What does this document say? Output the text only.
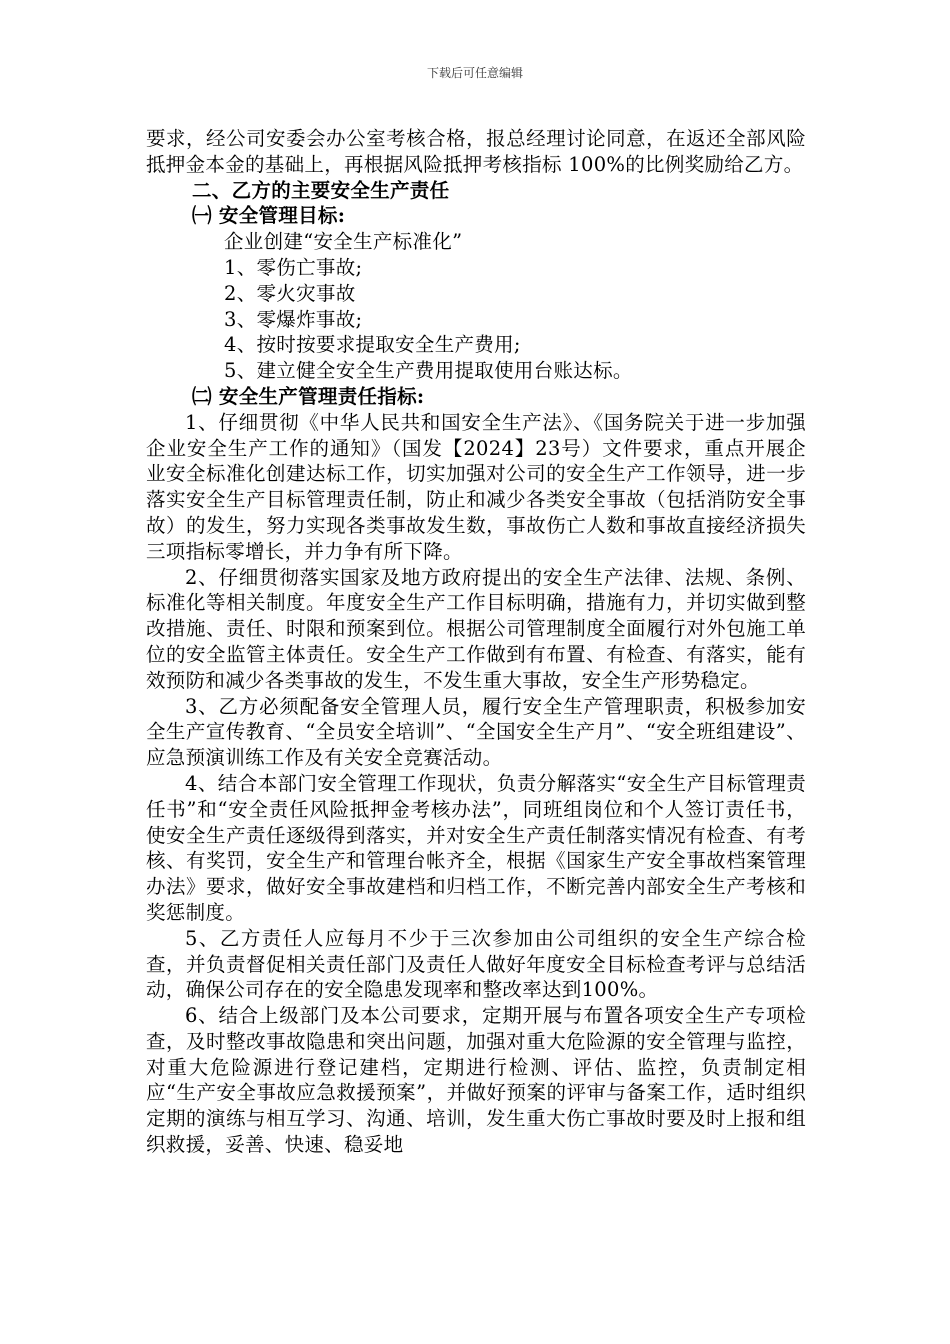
下载后可任意编辑

要求，经公司安委会办公室考核合格，报总经理讨论同意，在返还全部风险抵押金本金的基础上，再根据风险抵押考核指标 100%的比例奖励给乙方。

二、乙方的主要安全生产责任

㈠ 安全管理目标:

企业创建“安全生产标准化”

1、零伤亡事故;

2、零火灾事故

3、零爆炸事故;

4、按时按要求提取安全生产费用;

5、建立健全安全生产费用提取使用台账达标。

㈡ 安全生产管理责任指标:

1、仔细贯彻《中华人民共和国安全生产法》、《国务院关于进一步加强企业安全生产工作的通知》（国发【2024】23号）文件要求，重点开展企业安全标准化创建达标工作，切实加强对公司的安全生产工作领导，进一步落实安全生产目标管理责任制，防止和减少各类安全事故（包括消防安全事故）的发生，努力实现各类事故发生数，事故伤亡人数和事故直接经济损失三项指标零增长，并力争有所下降。

2、仔细贯彻落实国家及地方政府提出的安全生产法律、法规、条例、标准化等相关制度。年度安全生产工作目标明确，措施有力，并切实做到整改措施、责任、时限和预案到位。根据公司管理制度全面履行对外包施工单位的安全监管主体责任。安全生产工作做到有布置、有检查、有落实，能有效预防和减少各类事故的发生，不发生重大事故，安全生产形势稳定。

3、乙方必须配备安全管理人员，履行安全生产管理职责，积极参加安全生产宣传教育、“全员安全培训”、“全国安全生产月”、“安全班组建设”、应急预演训练工作及有关安全竞赛活动。

4、结合本部门安全管理工作现状，负责分解落实“安全生产目标管理责任书”和“安全责任风险抵押金考核办法”，同班组岗位和个人签订责任书，使安全生产责任逐级得到落实，并对安全生产责任制落实情况有检查、有考核、有奖罚，安全生产和管理台帐齐全，根据《国家生产安全事故档案管理办法》要求，做好安全事故建档和归档工作，不断完善内部安全生产考核和奖惩制度。

5、乙方责任人应每月不少于三次参加由公司组织的安全生产综合检查，并负责督促相关责任部门及责任人做好年度安全目标检查考评与总结活动，确保公司存在的安全隐患发现率和整改率达到100%。

6、结合上级部门及本公司要求，定期开展与布置各项安全生产专项检查，及时整改事故隐患和突出问题，加强对重大危险源的安全管理与监控，对重大危险源进行登记建档，定期进行检测、评估、监控，负责制定相应“生产安全事故应急救援预案”，并做好预案的评审与备案工作，适时组织定期的演练与相互学习、沟通、培训，发生重大伤亡事故时要及时上报和组织救援，妥善、快速、稳妥地
